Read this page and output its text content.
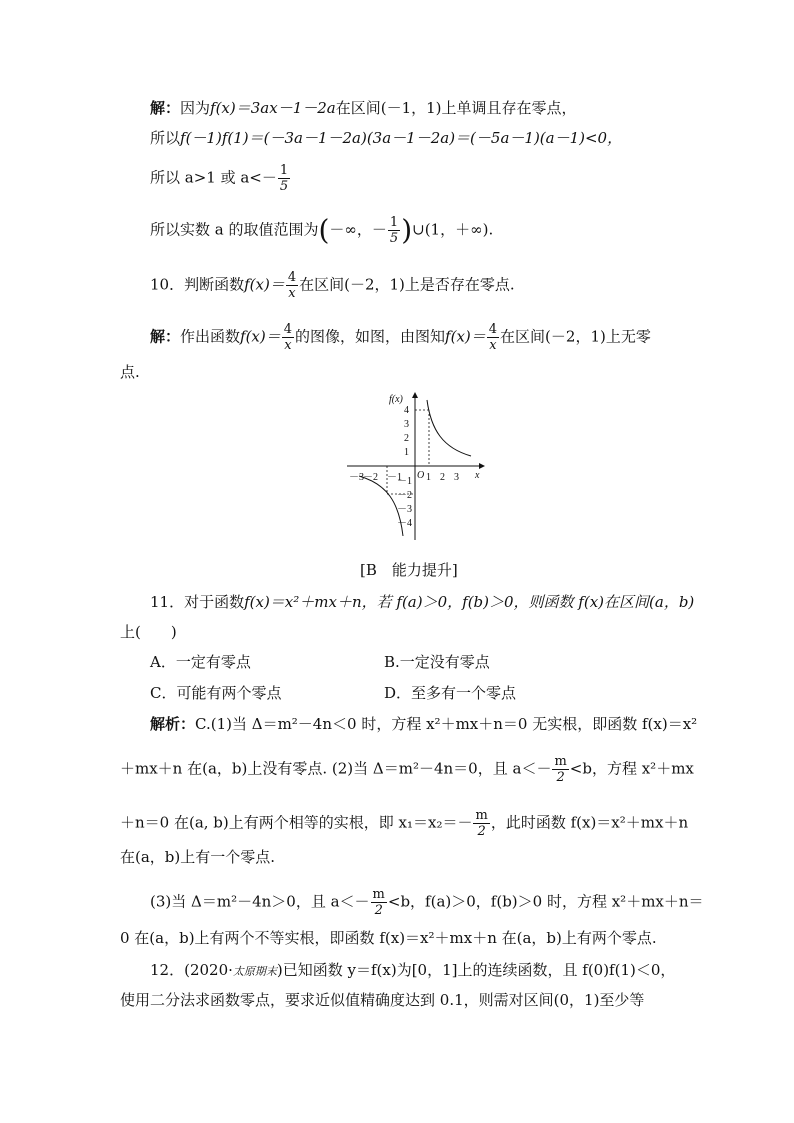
解：因为f(x)＝3ax－1－2a在区间(－1，1)上单调且存在零点，
所以f(－1)f(1)＝(－3a－1－2a)(3a－1－2a)＝(－5a－1)(a－1)<0，
所以 a>1 或 $a<- \frac{1}{5}$
所以实数 a 的取值范围为(－∞，－ $\frac{1}{5}$ )∪(1，＋∞).
10．判断函数$f(x)= \frac{4}{x}$ 在区间(－2，1)上是否存在零点.
解：作出函数$f(x)= \frac{4}{x}$ 的图像，如图，由图知$f(x)= \frac{4}{x}$ 在区间(－2，1)上无零
点.
f(x)
x
O
－3 －2 －1 1 2 3
4
3
2
1
－1
－2
－3
－4
[B　能力提升]
11．对于函数f(x)＝x²＋mx＋n，若 f(a)＞0，f(b)＞0，则函数 f(x)在区间(a，b)
上(　　)
A．一定有零点	B.一定没有零点
C．可能有两个零点	D．至多有一个零点
解析：C.(1)当 Δ＝m²－4n＜0 时，方程 x²＋mx＋n＝0 无实根，即函数 f(x)＝x²
＋mx＋n 在(a，b)上没有零点. (2)当 Δ＝m²－4n＝0，且 $a<- \frac{m}{2} <b$，方程 x²＋mx
＋n＝0 在(a, b)上有两个相等的实根，即 $x_1=x_2=- \frac{m}{2}$ ，此时函数 f(x)＝x²＋mx＋n
在(a，b)上有一个零点.
(3)当 Δ＝m²－4n＞0，且 $a<- \frac{m}{2} <b$，f(a)＞0，f(b)＞0 时，方程 x²＋mx＋n＝
0 在(a，b)上有两个不等实根，即函数 f(x)＝x²＋mx＋n 在(a，b)上有两个零点.
12．(2020·太原期末)已知函数 y＝f(x)为[0，1]上的连续函数，且 f(0)f(1)＜0，
使用二分法求函数零点，要求近似值精确度达到 0.1，则需对区间(0，1)至少等
